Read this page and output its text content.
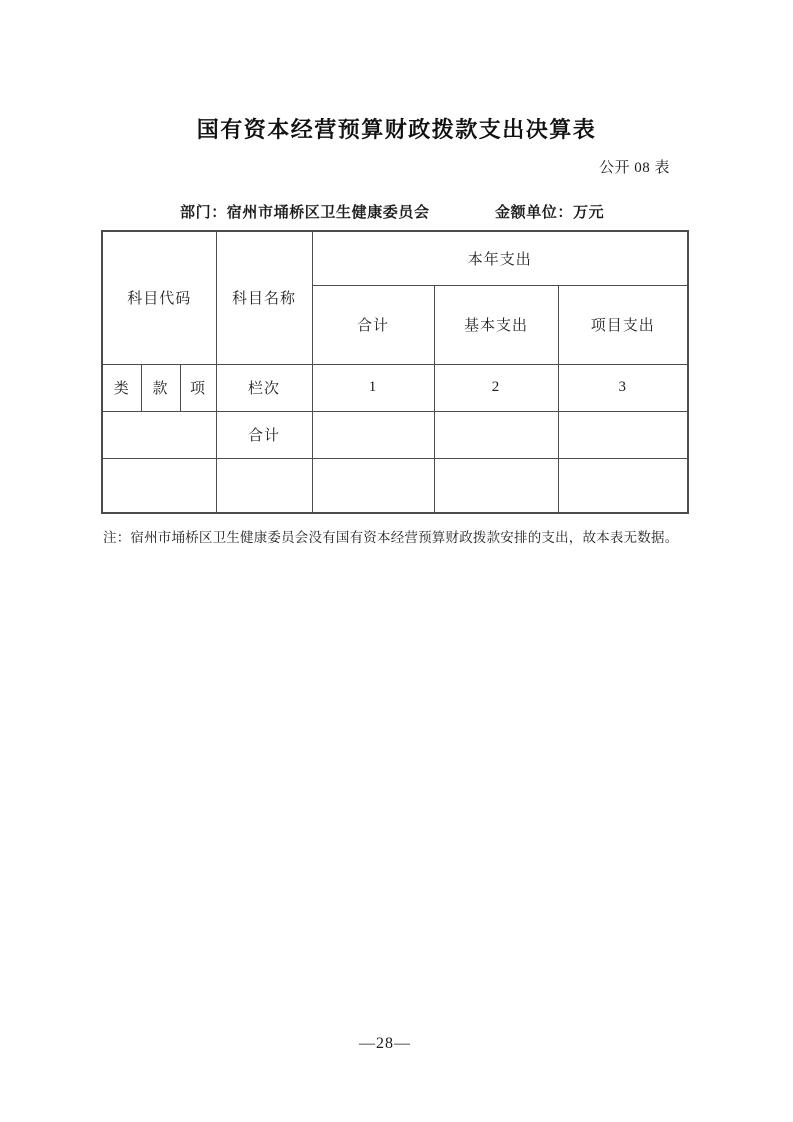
国有资本经营预算财政拨款支出决算表
公开 08 表
部门：宿州市埇桥区卫生健康委员会	金额单位：万元
科目代码			科目名称	本年支出		
				合计	基本支出	项目支出
类	款	项	栏次	1	2	3
			合计			

注：宿州市埇桥区卫生健康委员会没有国有资本经营预算财政拨款安排的支出，故本表无数据。
—28—
